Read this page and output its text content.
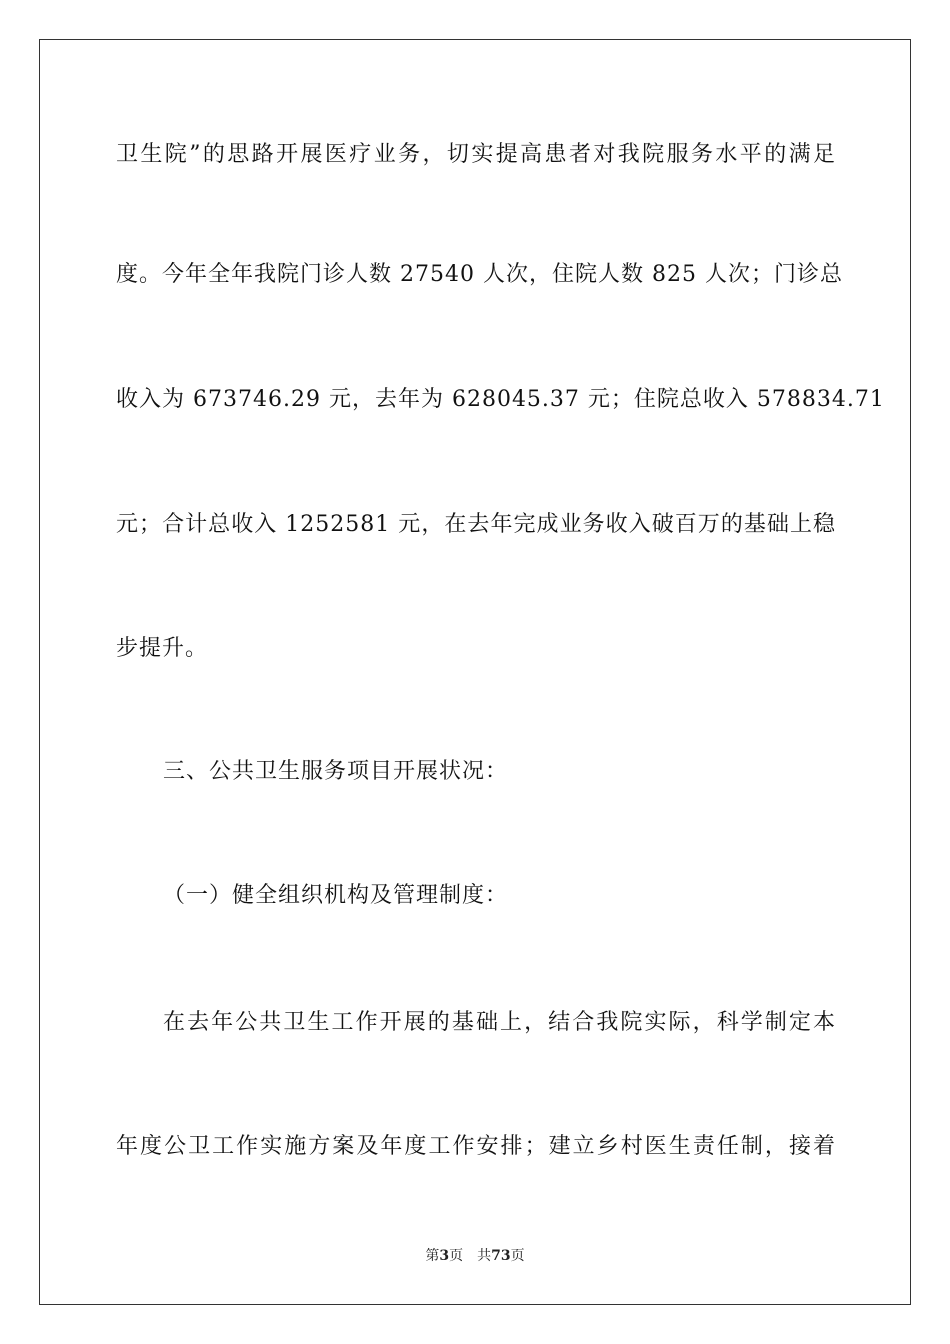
卫生院”的思路开展医疗业务，切实提高患者对我院服务水平的满足
度。今年全年我院门诊人数 27540 人次，住院人数 825 人次；门诊总
收入为 673746.29 元，去年为 628045.37 元；住院总收入 578834.71
元；合计总收入 1252581 元，在去年完成业务收入破百万的基础上稳
步提升。
三、公共卫生服务项目开展状况：
（一）健全组织机构及管理制度：
在去年公共卫生工作开展的基础上，结合我院实际，科学制定本
年度公卫工作实施方案及年度工作安排；建立乡村医生责任制，接着
第3页 共73页
